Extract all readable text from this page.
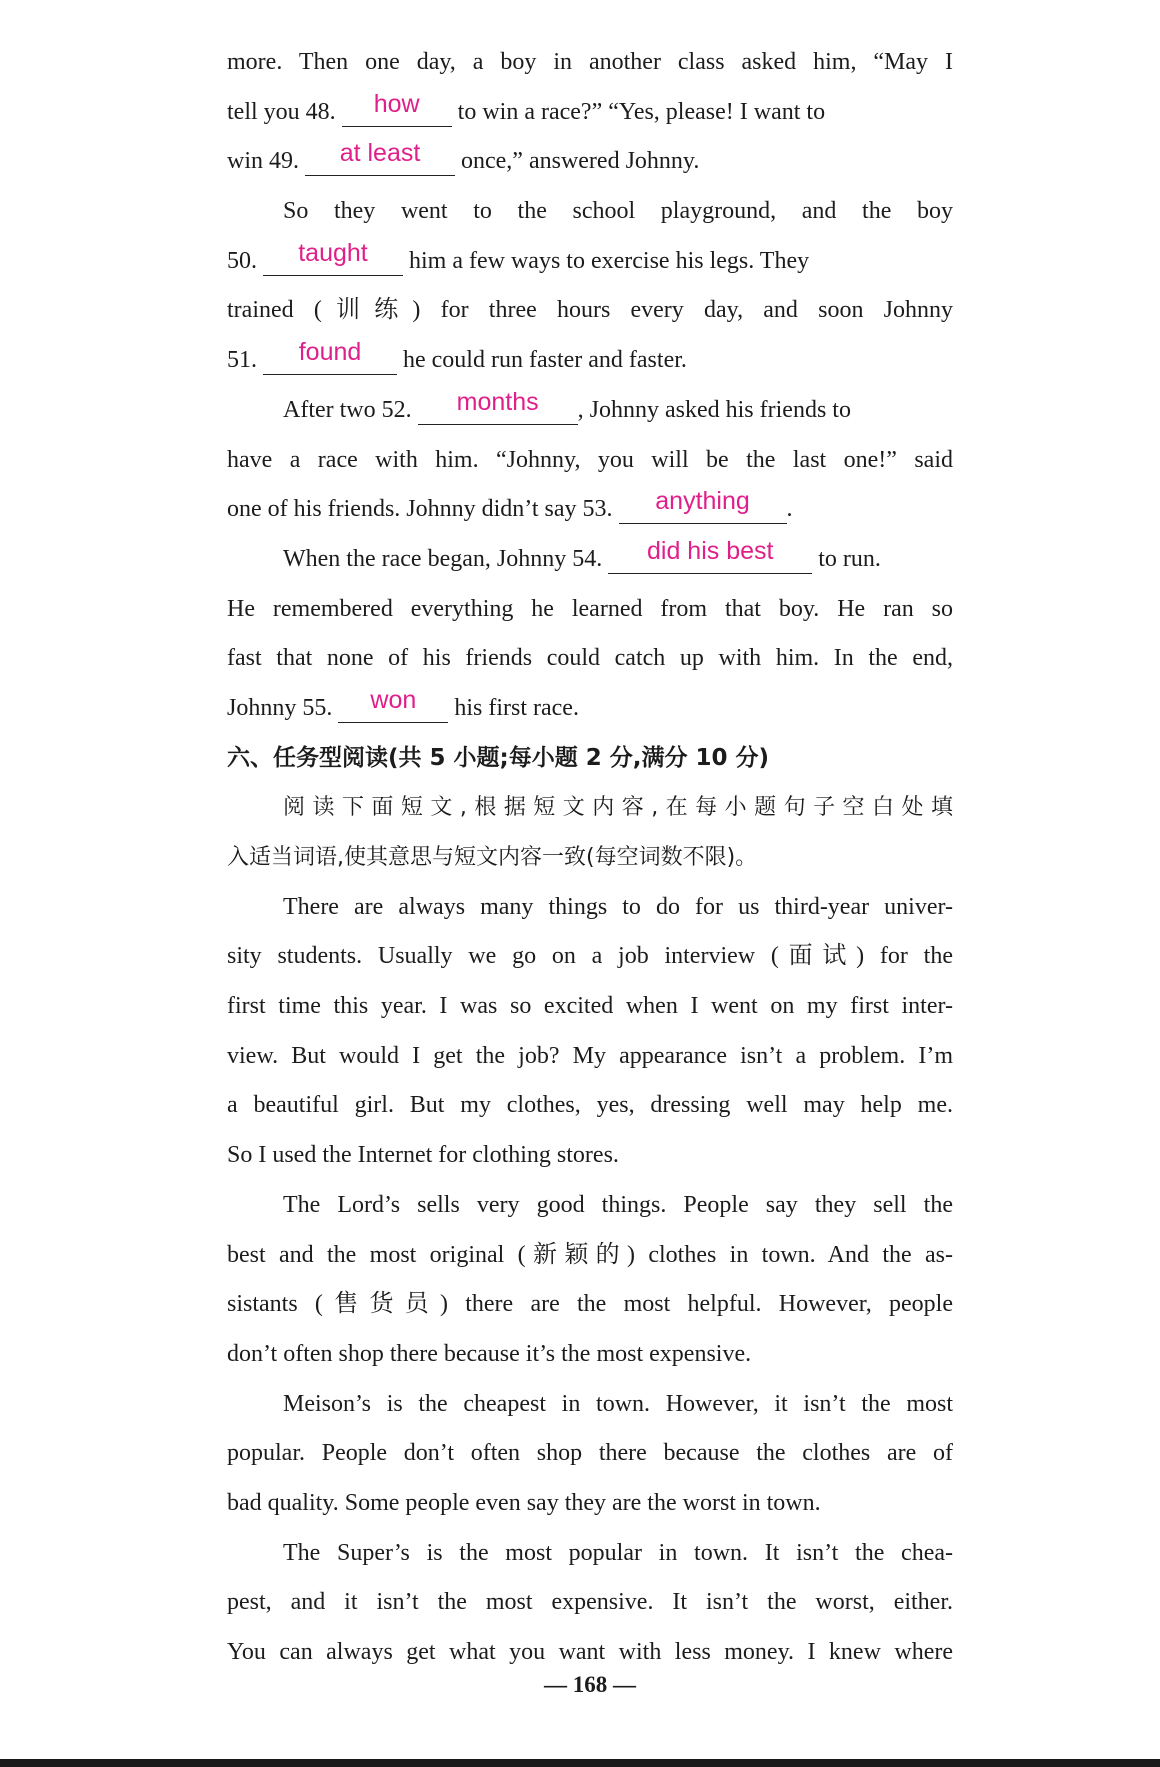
more. Then one day, a boy in another class asked him, “May I
tell you 48. how to win a race?” “Yes, please! I want to
win 49. at least once,” answered Johnny.
So they went to the school playground, and the boy
50. taught him a few ways to exercise his legs. They
trained (训练) for three hours every day, and soon Johnny
51. found he could run faster and faster.
After two 52. months , Johnny asked his friends to
have a race with him. “Johnny, you will be the last one!” said
one of his friends. Johnny didn’t say 53. anything .
When the race began, Johnny 54. did his best to run.
He remembered everything he learned from that boy. He ran so
fast that none of his friends could catch up with him. In the end,
Johnny 55. won his first race.
六、任务型阅读(共 5 小题;每小题 2 分,满分 10 分)
阅读下面短文,根据短文内容,在每小题句子空白处填
入适当词语,使其意思与短文内容一致(每空词数不限)。
There are always many things to do for us third-year univer-
sity students. Usually we go on a job interview (面试) for the
first time this year. I was so excited when I went on my first inter-
view. But would I get the job? My appearance isn’t a problem. I’m
a beautiful girl. But my clothes, yes, dressing well may help me.
So I used the Internet for clothing stores.
The Lord’s sells very good things. People say they sell the
best and the most original (新颖的) clothes in town. And the as-
sistants (售货员) there are the most helpful. However, people
don’t often shop there because it’s the most expensive.
Meison’s is the cheapest in town. However, it isn’t the most
popular. People don’t often shop there because the clothes are of
bad quality. Some people even say they are the worst in town.
The Super’s is the most popular in town. It isn’t the chea-
pest, and it isn’t the most expensive. It isn’t the worst, either.
You can always get what you want with less money. I knew where
— 168 —
